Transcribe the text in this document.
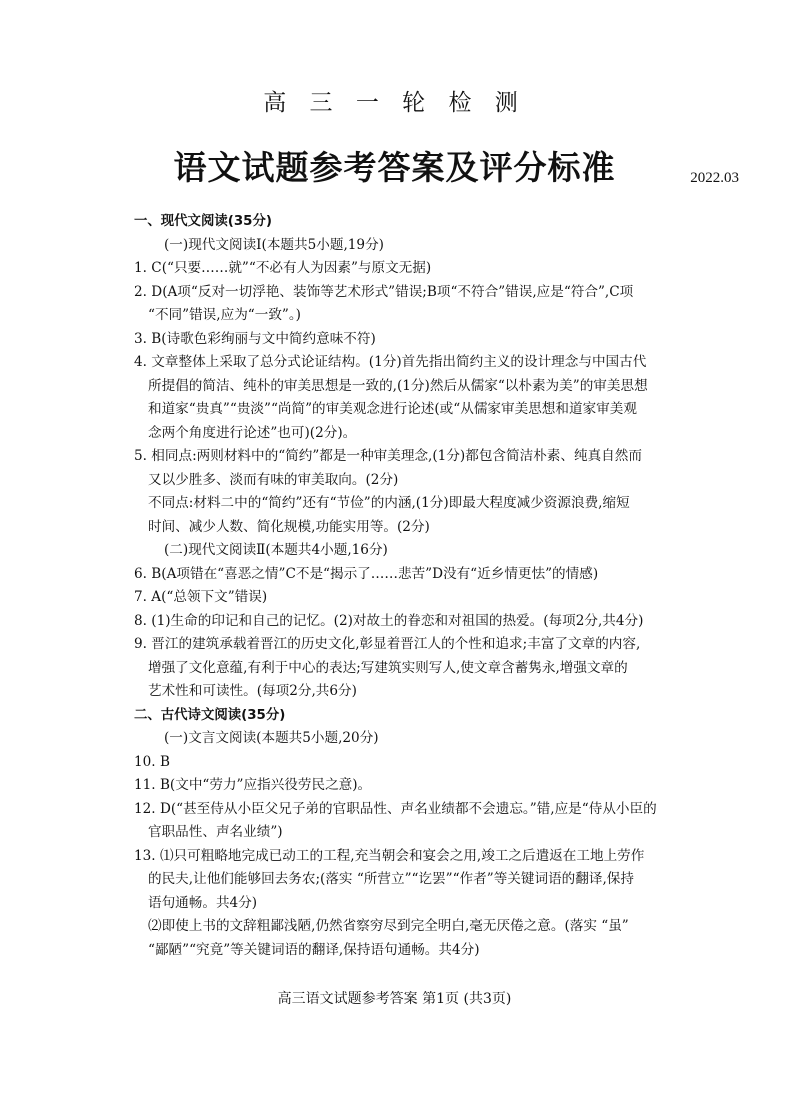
高 三 一 轮 检 测
语文试题参考答案及评分标准	2022.03
一、现代文阅读(35分)
(一)现代文阅读Ⅰ(本题共5小题,19分)
1. C(“只要……就”“不必有人为因素”与原文无据)
2. D(A项“反对一切浮艳、装饰等艺术形式”错误;B项“不符合”错误,应是“符合”,C项
“不同”错误,应为“一致”。)
3. B(诗歌色彩绚丽与文中简约意味不符)
4. 文章整体上采取了总分式论证结构。(1分)首先指出简约主义的设计理念与中国古代
所提倡的简洁、纯朴的审美思想是一致的,(1分)然后从儒家“以朴素为美”的审美思想
和道家“贵真”“贵淡”“尚简”的审美观念进行论述(或“从儒家审美思想和道家审美观
念两个角度进行论述”也可)(2分)。
5. 相同点:两则材料中的“简约”都是一种审美理念,(1分)都包含简洁朴素、纯真自然而
又以少胜多、淡而有味的审美取向。(2分)
不同点:材料二中的“简约”还有“节俭”的内涵,(1分)即最大程度减少资源浪费,缩短
时间、减少人数、简化规模,功能实用等。(2分)
(二)现代文阅读Ⅱ(本题共4小题,16分)
6. B(A项错在“喜恶之情”C不是“揭示了……悲苦”D没有“近乡情更怯”的情感)
7. A(“总领下文”错误)
8. (1)生命的印记和自己的记忆。(2)对故土的眷恋和对祖国的热爱。(每项2分,共4分)
9. 晋江的建筑承载着晋江的历史文化,彰显着晋江人的个性和追求;丰富了文章的内容,
增强了文化意蕴,有利于中心的表达;写建筑实则写人,使文章含蓄隽永,增强文章的
艺术性和可读性。(每项2分,共6分)
二、古代诗文阅读(35分)
(一)文言文阅读(本题共5小题,20分)
10. B
11. B(文中“劳力”应指兴役劳民之意)。
12. D(“甚至侍从小臣父兄子弟的官职品性、声名业绩都不会遗忘。”错,应是“侍从小臣的
官职品性、声名业绩”)
13. ⑴只可粗略地完成已动工的工程,充当朝会和宴会之用,竣工之后遣返在工地上劳作
的民夫,让他们能够回去务农;(落实 “所营立”“讫罢”“作者”等关键词语的翻译,保持
语句通畅。共4分)
⑵即使上书的文辞粗鄙浅陋,仍然省察穷尽到完全明白,毫无厌倦之意。(落实 “虽”
“鄙陋”“究竟”等关键词语的翻译,保持语句通畅。共4分)
高三语文试题参考答案 第1页 (共3页)
